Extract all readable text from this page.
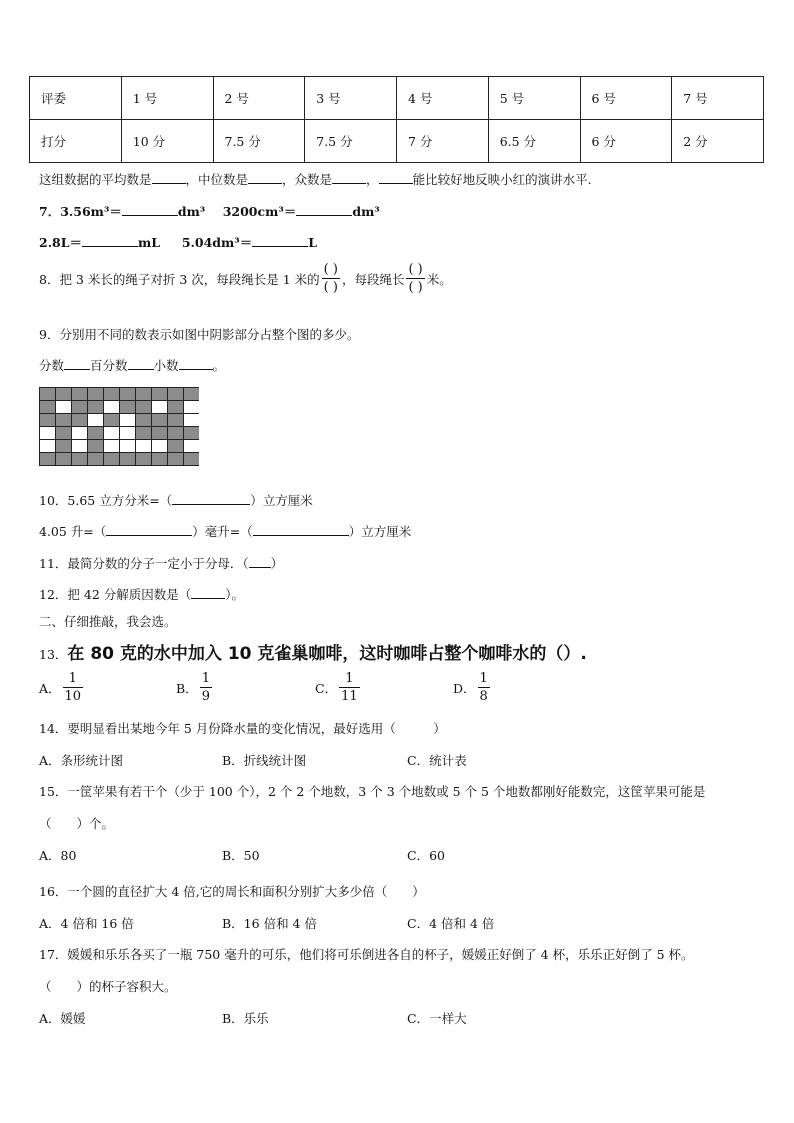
评委	1 号	2 号	3 号	4 号	5 号	6 号	7 号
打分	10 分	7.5 分	7.5 分	7 分	6.5 分	6 分	2 分
这组数据的平均数是	，中位数是	，众数是	，	能比较好地反映小红的演讲水平.
7．3.56m³＝	dm³ 3200cm³＝	dm³
2.8L＝	mL 5.04dm³＝	L
8．把 3 米长的绳子对折 3 次，每段绳长是 1 米的 $\frac{( )}{( )}$ ，每段绳长 $\frac{( )}{( )}$ 米。
9．分别用不同的数表示如图中阴影部分占整个图的多少。
分数 百分数 小数	。
10．5.65 立方分米=（	）立方厘米
4.05 升=（	）毫升=（	）立方厘米
11．最简分数的分子一定小于分母．（ ）
12．把 42 分解质因数是（	）。
二、仔细推敲，我会选。
13．在 80 克的水中加入 10 克雀巢咖啡，这时咖啡占整个咖啡水的（）.
A． $\frac{1}{10}$	B． $\frac{1}{9}$	C． $\frac{1}{11}$	D． $\frac{1}{8}$
14．要明显看出某地今年 5 月份降水量的变化情况，最好选用（　　　）
A．条形统计图	B．折线统计图	C．统计表
15．一筐苹果有若干个（少于 100 个），2 个 2 个地数，3 个 3 个地数或 5 个 5 个地数都刚好能数完，这筐苹果可能是
（　　）个。
A．80	B．50	C．60
16．一个圆的直径扩大 4 倍,它的周长和面积分别扩大多少倍（　　）
A．4 倍和 16 倍	B．16 倍和 4 倍	C．4 倍和 4 倍
17．媛媛和乐乐各买了一瓶 750 毫升的可乐，他们将可乐倒进各自的杯子，媛媛正好倒了 4 杯，乐乐正好倒了 5 杯。
（　　）的杯子容积大。
A．媛媛	B．乐乐	C．一样大
